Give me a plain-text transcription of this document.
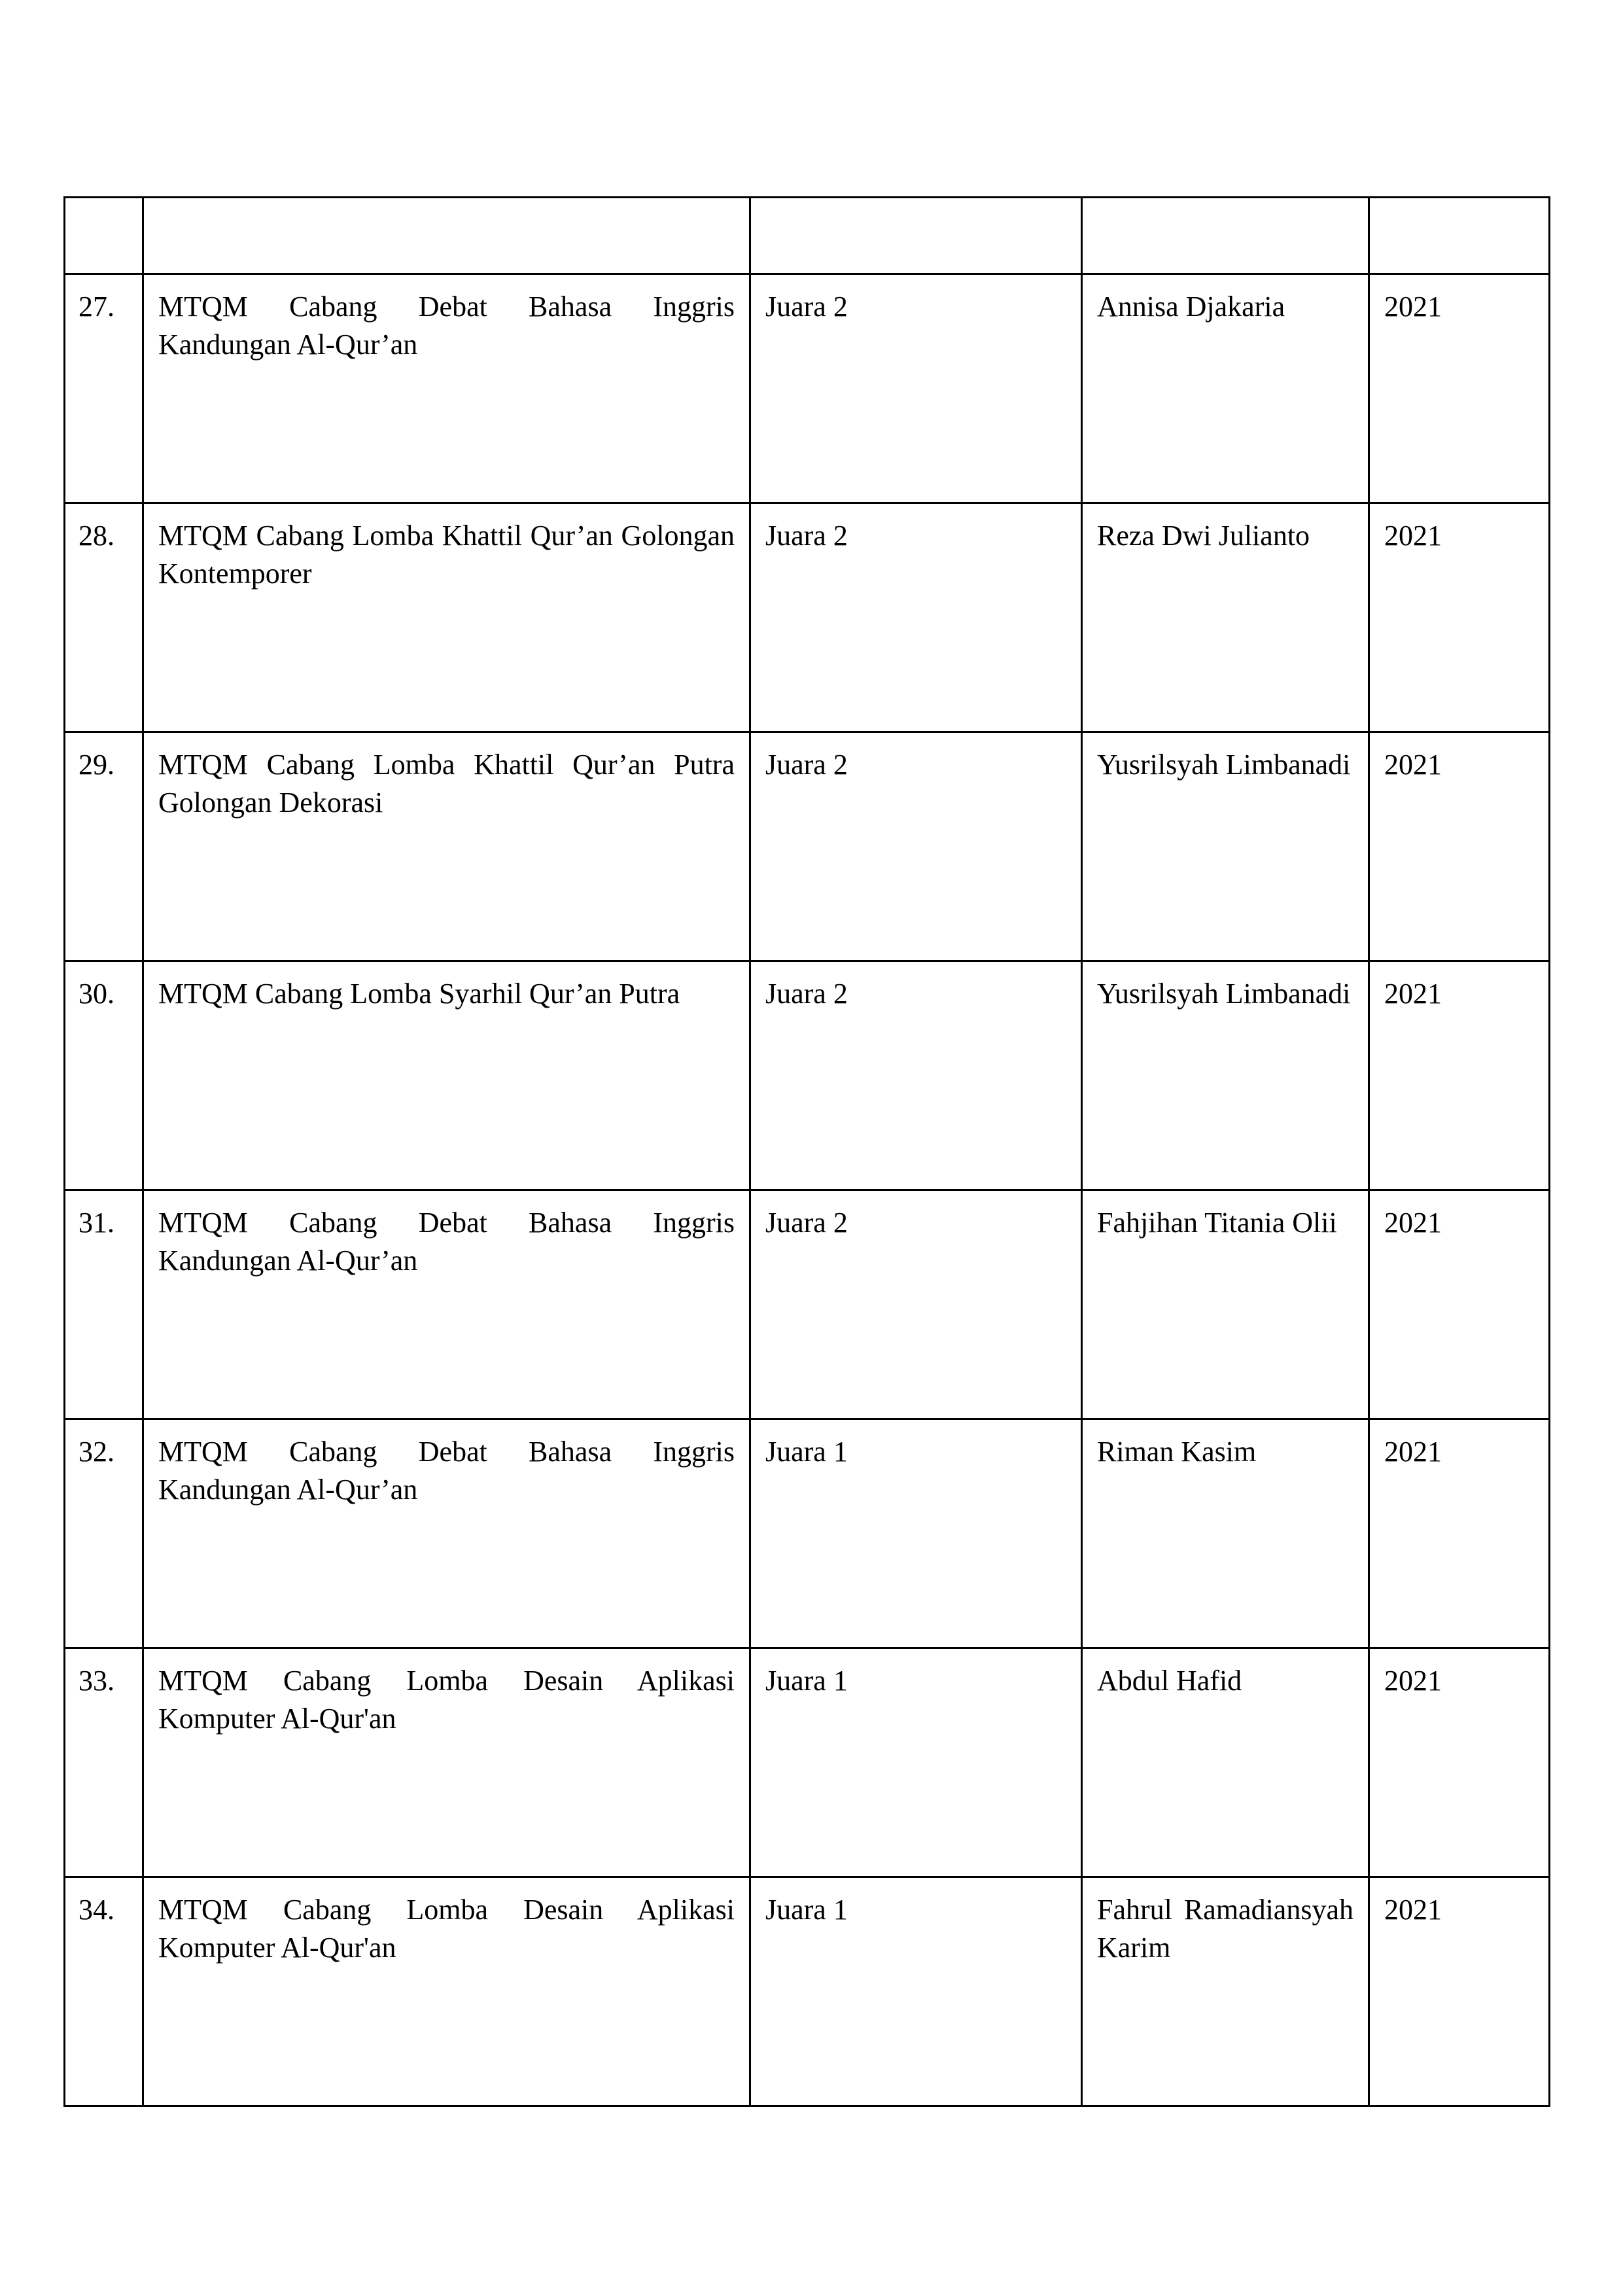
27.	MTQM Cabang Debat Bahasa Inggris Kandungan Al-Qur’an	Juara 2	Annisa Djakaria	2021
28.	MTQM Cabang Lomba Khattil Qur’an Golongan Kontemporer	Juara 2	Reza Dwi Julianto	2021
29.	MTQM Cabang Lomba Khattil Qur’an Putra Golongan Dekorasi	Juara 2	Yusrilsyah Limbanadi	2021
30.	MTQM Cabang Lomba Syarhil Qur’an Putra	Juara 2	Yusrilsyah Limbanadi	2021
31.	MTQM Cabang Debat Bahasa Inggris Kandungan Al-Qur’an	Juara 2	Fahjihan Titania Olii	2021
32.	MTQM Cabang Debat Bahasa Inggris Kandungan Al-Qur’an	Juara 1	Riman Kasim	2021
33.	MTQM Cabang Lomba Desain Aplikasi Komputer Al-Qur'an	Juara 1	Abdul Hafid	2021
34.	MTQM Cabang Lomba Desain Aplikasi Komputer Al-Qur'an	Juara 1	Fahrul Ramadiansyah Karim	2021
